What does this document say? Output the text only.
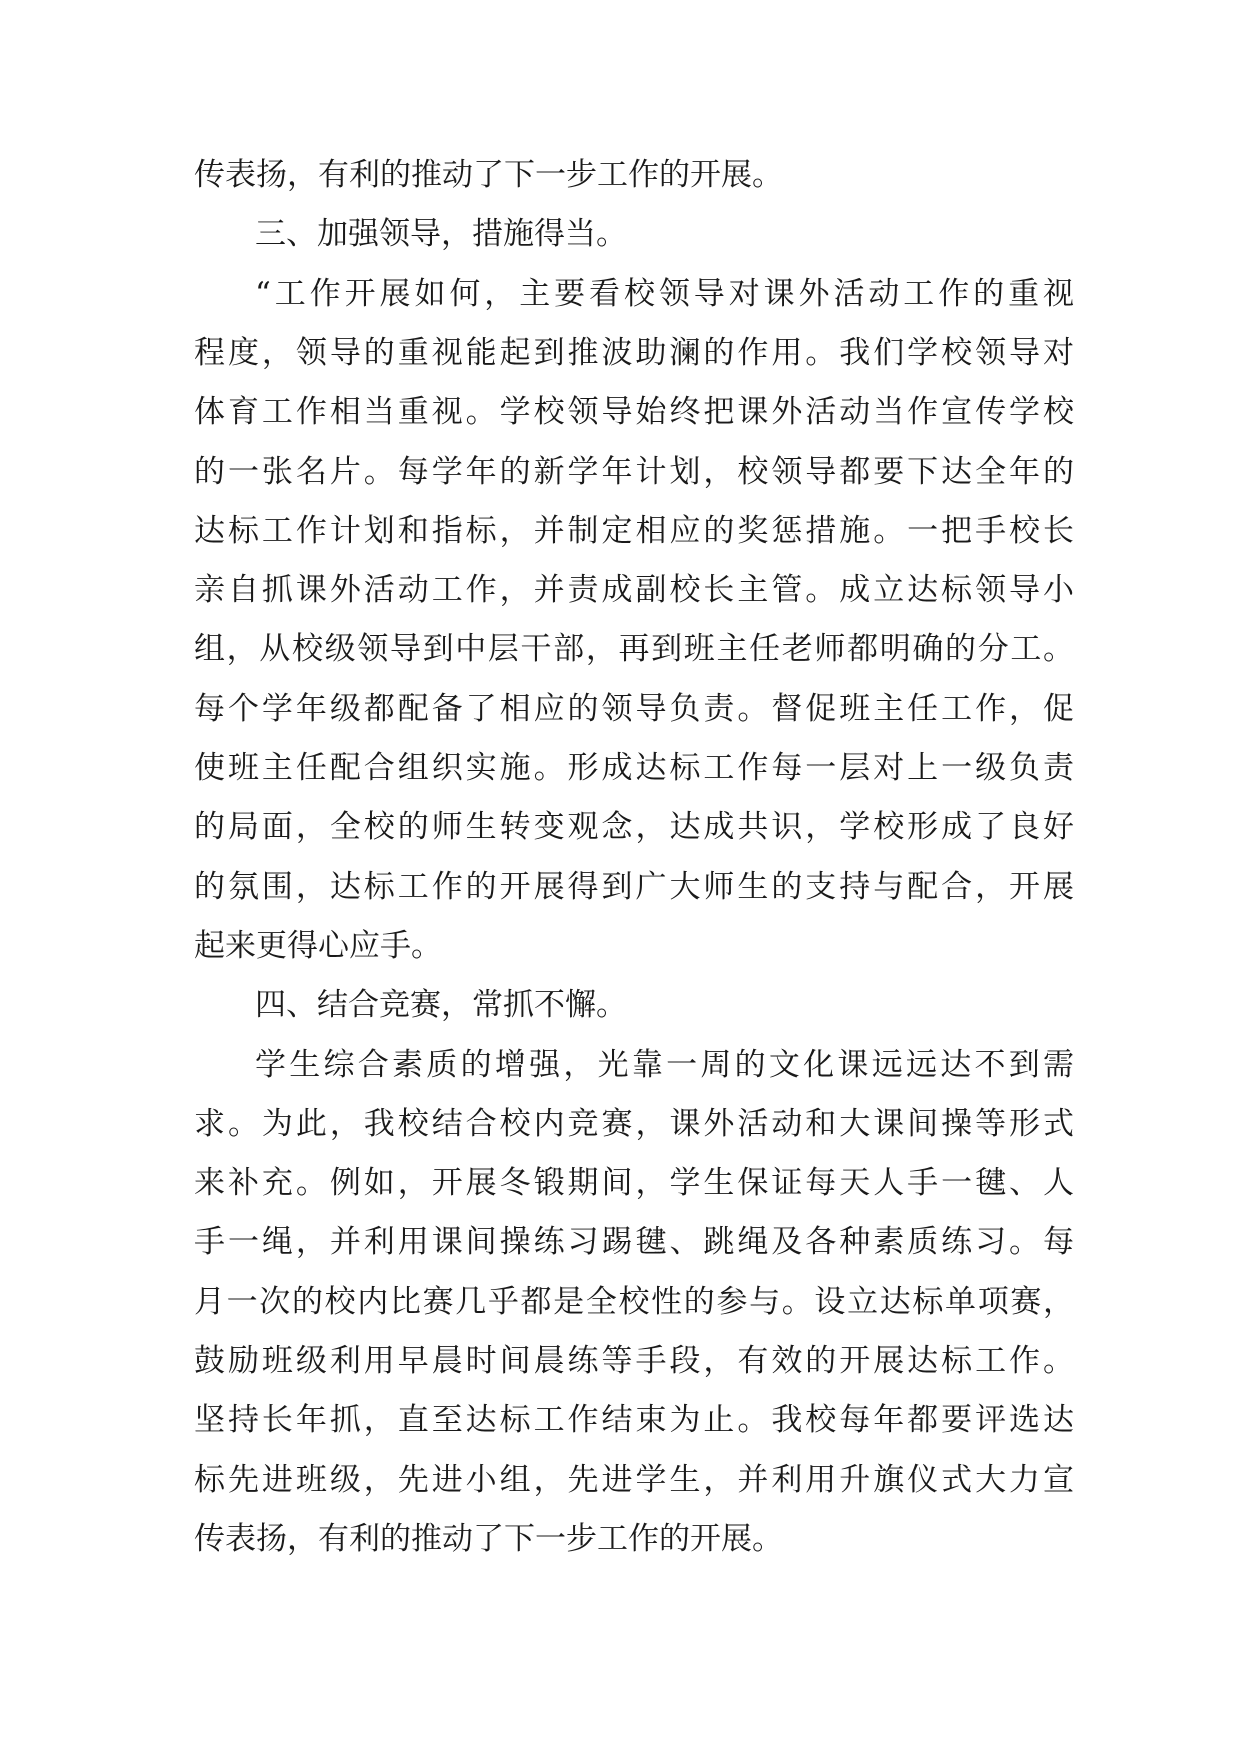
传表扬，有利的推动了下一步工作的开展。
三、加强领导，措施得当。
“工作开展如何，主要看校领导对课外活动工作的重视
程度，领导的重视能起到推波助澜的作用。我们学校领导对
体育工作相当重视。学校领导始终把课外活动当作宣传学校
的一张名片。每学年的新学年计划，校领导都要下达全年的
达标工作计划和指标，并制定相应的奖惩措施。一把手校长
亲自抓课外活动工作，并责成副校长主管。成立达标领导小
组，从校级领导到中层干部，再到班主任老师都明确的分工。
每个学年级都配备了相应的领导负责。督促班主任工作，促
使班主任配合组织实施。形成达标工作每一层对上一级负责
的局面，全校的师生转变观念，达成共识，学校形成了良好
的氛围，达标工作的开展得到广大师生的支持与配合，开展
起来更得心应手。
四、结合竞赛，常抓不懈。
学生综合素质的增强，光靠一周的文化课远远达不到需
求。为此，我校结合校内竞赛，课外活动和大课间操等形式
来补充。例如，开展冬锻期间，学生保证每天人手一毽、人
手一绳，并利用课间操练习踢毽、跳绳及各种素质练习。每
月一次的校内比赛几乎都是全校性的参与。设立达标单项赛，
鼓励班级利用早晨时间晨练等手段，有效的开展达标工作。
坚持长年抓，直至达标工作结束为止。我校每年都要评选达
标先进班级，先进小组，先进学生，并利用升旗仪式大力宣
传表扬，有利的推动了下一步工作的开展。
